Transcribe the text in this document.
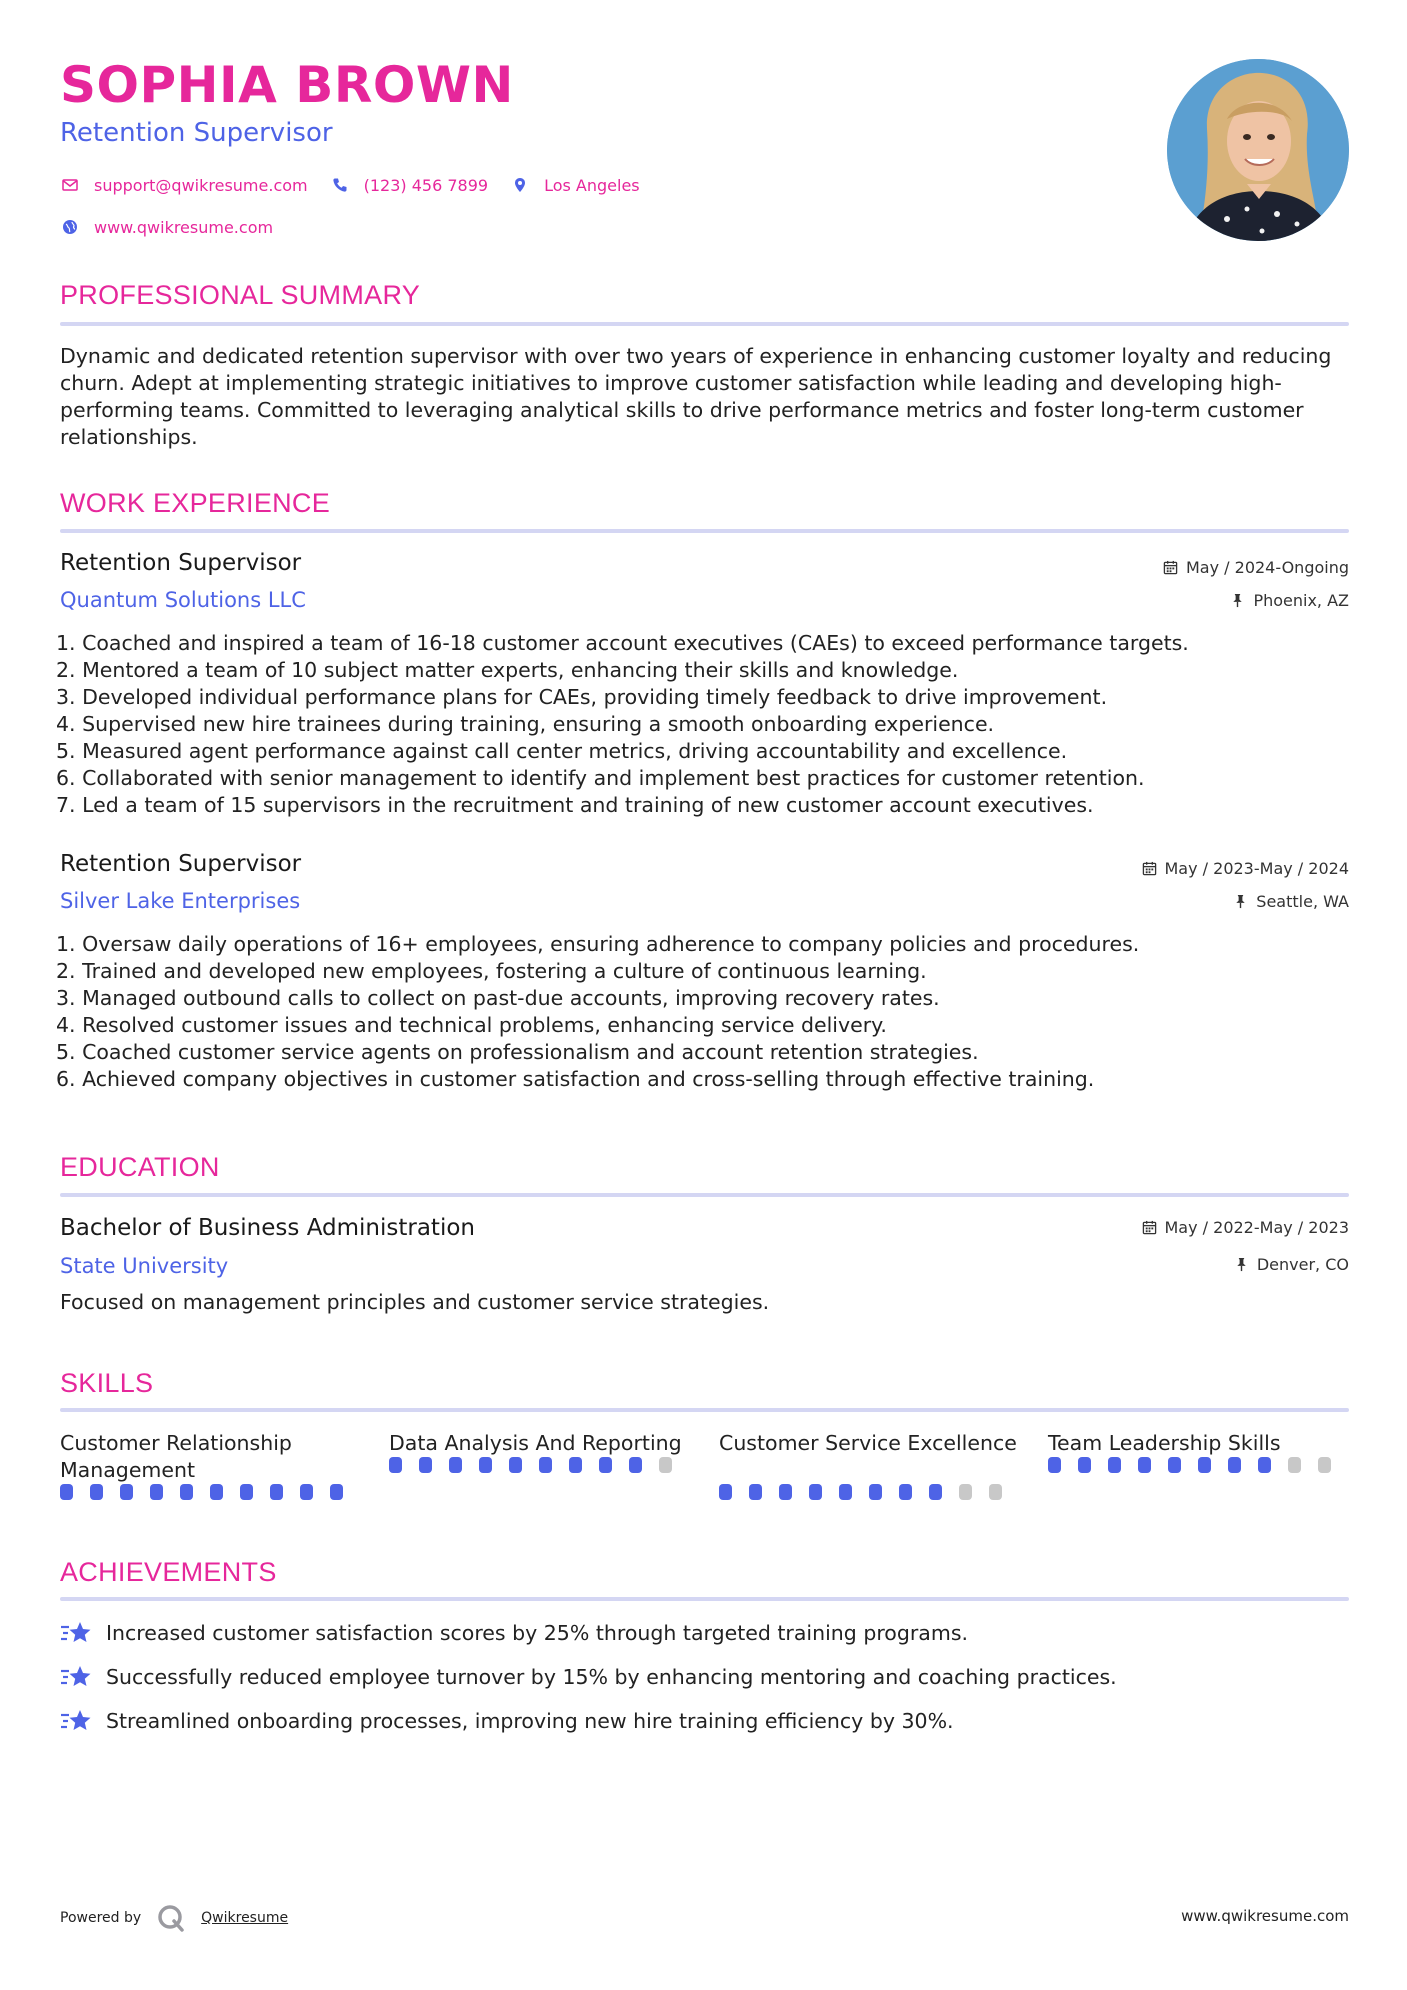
SOPHIA BROWN
Retention Supervisor
support@qwikresume.com	(123) 456 7899	Los Angeles
www.qwikresume.com
PROFESSIONAL SUMMARY
Dynamic and dedicated retention supervisor with over two years of experience in enhancing customer loyalty and reducing churn. Adept at implementing strategic initiatives to improve customer satisfaction while leading and developing high-performing teams. Committed to leveraging analytical skills to drive performance metrics and foster long-term customer relationships.
WORK EXPERIENCE
Retention Supervisor	May / 2024-Ongoing
Quantum Solutions LLC	Phoenix, AZ
1. Coached and inspired a team of 16-18 customer account executives (CAEs) to exceed performance targets.
2. Mentored a team of 10 subject matter experts, enhancing their skills and knowledge.
3. Developed individual performance plans for CAEs, providing timely feedback to drive improvement.
4. Supervised new hire trainees during training, ensuring a smooth onboarding experience.
5. Measured agent performance against call center metrics, driving accountability and excellence.
6. Collaborated with senior management to identify and implement best practices for customer retention.
7. Led a team of 15 supervisors in the recruitment and training of new customer account executives.
Retention Supervisor	May / 2023-May / 2024
Silver Lake Enterprises	Seattle, WA
1. Oversaw daily operations of 16+ employees, ensuring adherence to company policies and procedures.
2. Trained and developed new employees, fostering a culture of continuous learning.
3. Managed outbound calls to collect on past-due accounts, improving recovery rates.
4. Resolved customer issues and technical problems, enhancing service delivery.
5. Coached customer service agents on professionalism and account retention strategies.
6. Achieved company objectives in customer satisfaction and cross-selling through effective training.
EDUCATION
Bachelor of Business Administration	May / 2022-May / 2023
State University	Denver, CO
Focused on management principles and customer service strategies.
SKILLS
Customer Relationship Management
Data Analysis And Reporting	Customer Service Excellence Team Leadership Skills
ACHIEVEMENTS
Increased customer satisfaction scores by 25% through targeted training programs.
Successfully reduced employee turnover by 15% by enhancing mentoring and coaching practices.
Streamlined onboarding processes, improving new hire training efficiency by 30%.
Powered by	Qwikresume	www.qwikresume.com
